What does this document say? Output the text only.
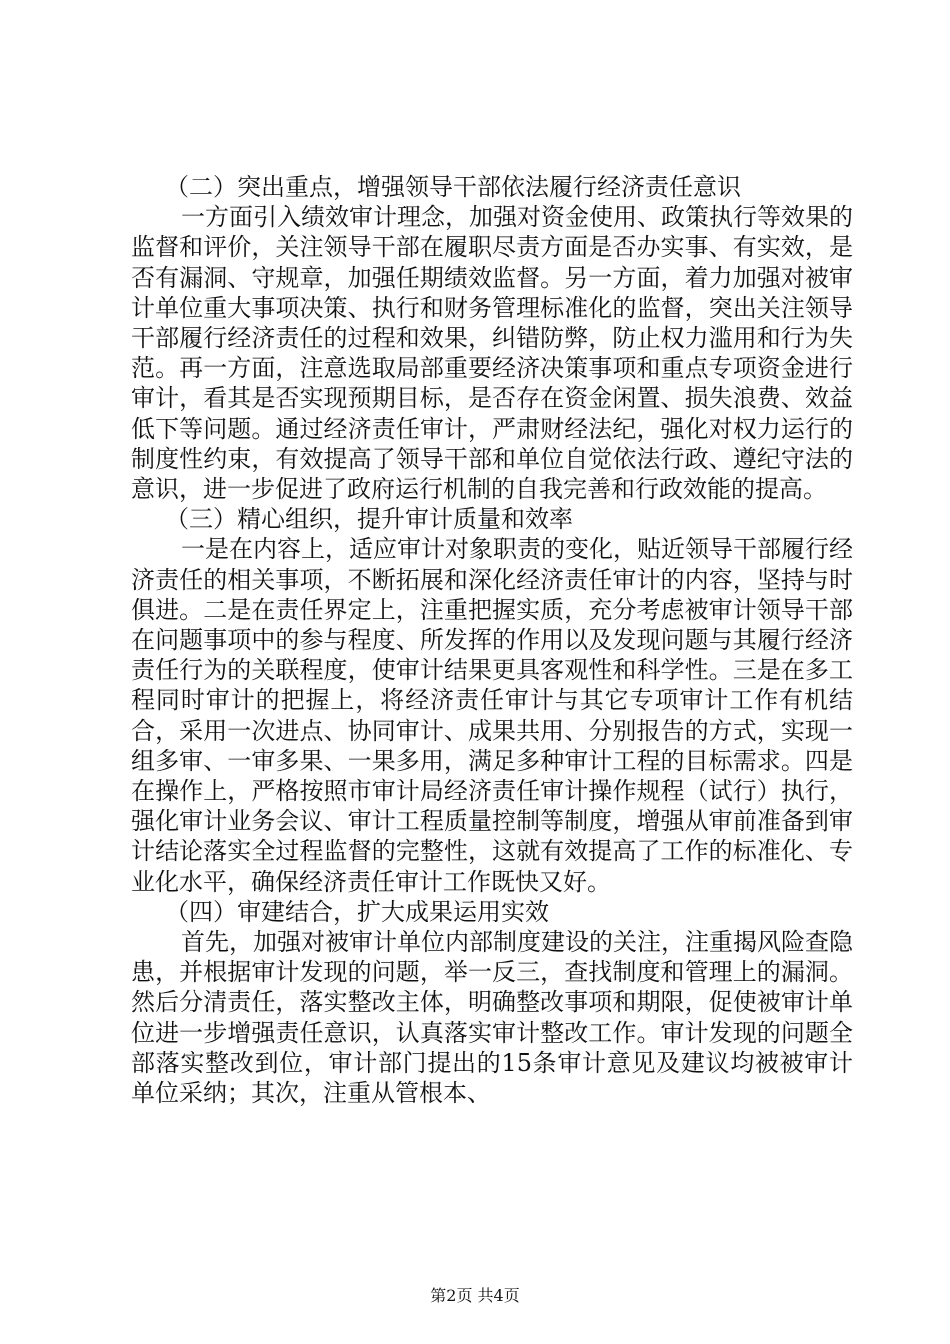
（二）突出重点，增强领导干部依法履行经济责任意识

一方面引入绩效审计理念，加强对资金使用、政策执行等效果的监督和评价，关注领导干部在履职尽责方面是否办实事、有实效，是否有漏洞、守规章，加强任期绩效监督。另一方面，着力加强对被审计单位重大事项决策、执行和财务管理标准化的监督，突出关注领导干部履行经济责任的过程和效果，纠错防弊，防止权力滥用和行为失范。再一方面，注意选取局部重要经济决策事项和重点专项资金进行审计，看其是否实现预期目标，是否存在资金闲置、损失浪费、效益低下等问题。通过经济责任审计，严肃财经法纪，强化对权力运行的制度性约束，有效提高了领导干部和单位自觉依法行政、遵纪守法的意识，进一步促进了政府运行机制的自我完善和行政效能的提高。

（三）精心组织，提升审计质量和效率

一是在内容上，适应审计对象职责的变化，贴近领导干部履行经济责任的相关事项，不断拓展和深化经济责任审计的内容，坚持与时俱进。二是在责任界定上，注重把握实质，充分考虑被审计领导干部在问题事项中的参与程度、所发挥的作用以及发现问题与其履行经济责任行为的关联程度，使审计结果更具客观性和科学性。三是在多工程同时审计的把握上，将经济责任审计与其它专项审计工作有机结合，采用一次进点、协同审计、成果共用、分别报告的方式，实现一组多审、一审多果、一果多用，满足多种审计工程的目标需求。四是在操作上，严格按照市审计局经济责任审计操作规程（试行）执行，强化审计业务会议、审计工程质量控制等制度，增强从审前准备到审计结论落实全过程监督的完整性，这就有效提高了工作的标准化、专业化水平，确保经济责任审计工作既快又好。

（四）审建结合，扩大成果运用实效

首先，加强对被审计单位内部制度建设的关注，注重揭风险查隐患，并根据审计发现的问题，举一反三，查找制度和管理上的漏洞。然后分清责任，落实整改主体，明确整改事项和期限，促使被审计单位进一步增强责任意识，认真落实审计整改工作。审计发现的问题全部落实整改到位，审计部门提出的15条审计意见及建议均被被审计单位采纳；其次，注重从管根本、

第2页 共4页
